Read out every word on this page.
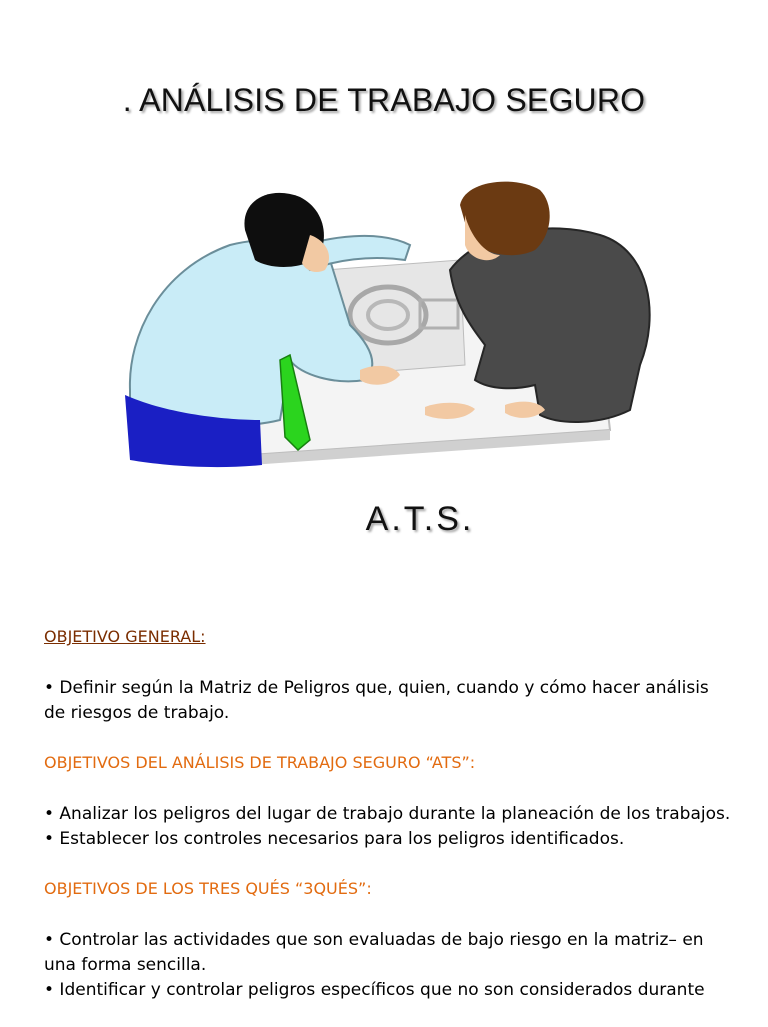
. ANÁLISIS DE TRABAJO SEGURO
A.T.S.
OBJETIVO GENERAL:

• Definir según la Matriz de Peligros que, quien, cuando y cómo hacer análisis de riesgos de trabajo.

OBJETIVOS DEL ANÁLISIS DE TRABAJO SEGURO “ATS”:

• Analizar los peligros del lugar de trabajo durante la planeación de los trabajos.

• Establecer los controles necesarios para los peligros identificados.

OBJETIVOS DE LOS TRES QUÉS “3QUÉS”:

• Controlar las actividades que son evaluadas de bajo riesgo en la matriz– en una forma sencilla.

• Identificar y controlar peligros específicos que no son considerados durante
